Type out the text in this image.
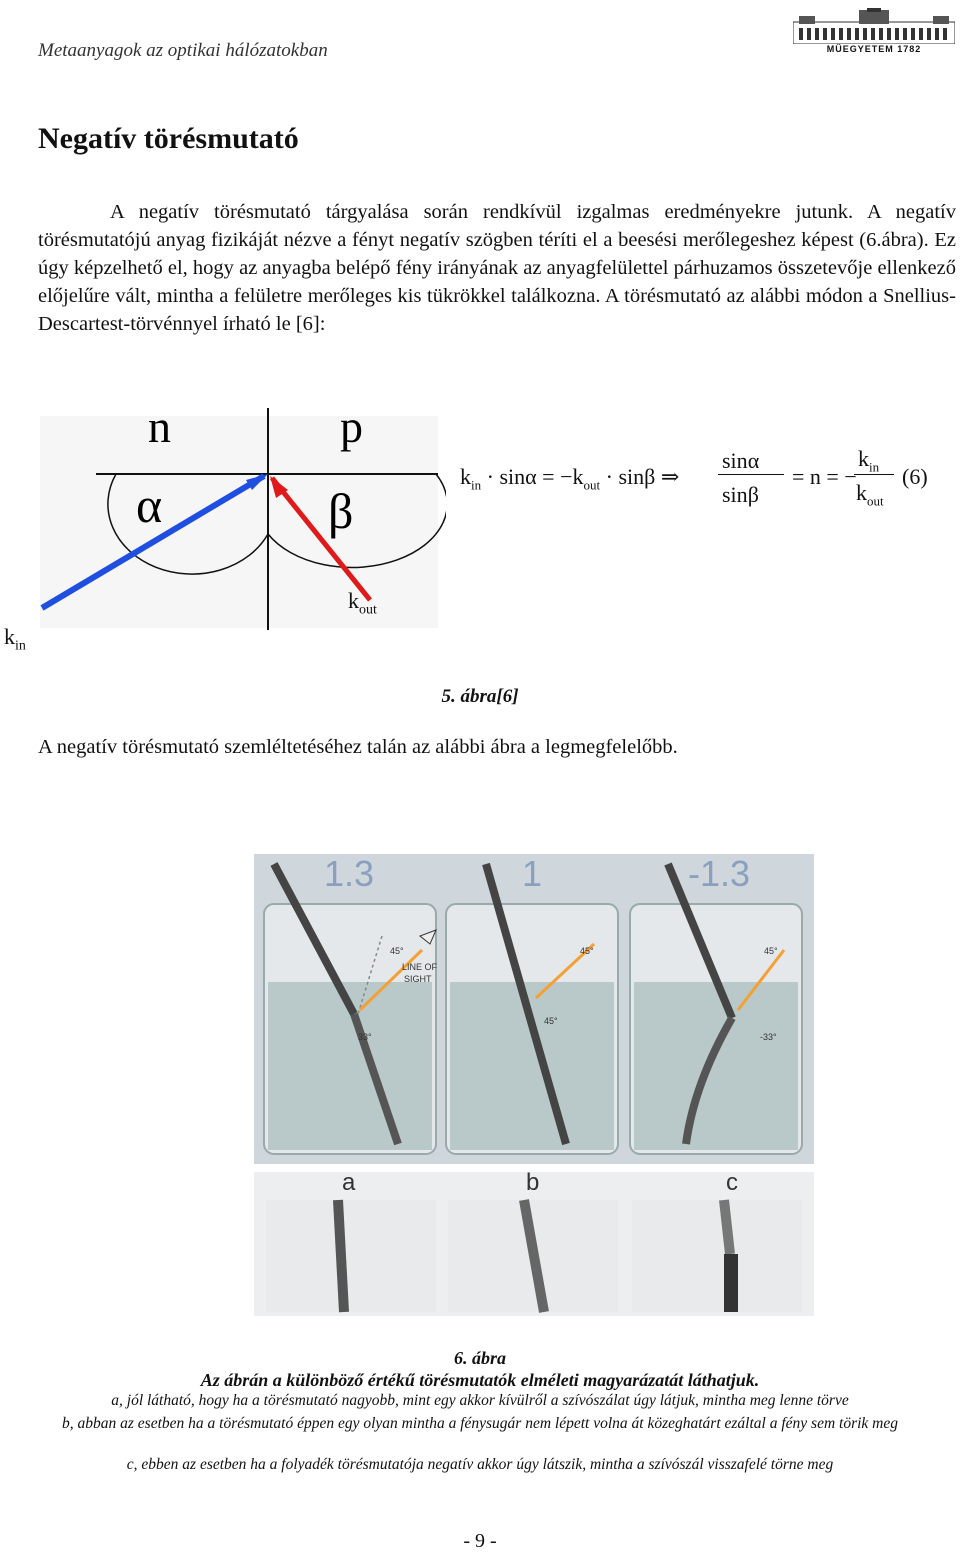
Metaanyagok az optikai hálózatokban	MŰEGYETEM 1782
Negatív törésmutató
A negatív törésmutató tárgyalása során rendkívül izgalmas eredményekre jutunk. A negatív törésmutatójú anyag fizikáját nézve a fényt negatív szögben téríti el a beesési merőlegeshez képest (6.ábra). Ez úgy képzelhető el, hogy az anyagba belépő fény irányának az anyagfelülettel párhuzamos összetevője ellenkező előjelűre vált, mintha a felületre merőleges kis tükrökkel találkozna. A törésmutató az alábbi módon a Snellius-Descartest-törvénnyel írható le [6]:
n	p
α	β
$k_{out}$
$k_{in}$
$k_{in} \cdot \sin\alpha = -k_{out} \cdot \sin\beta$ ⇒
sinα
sinβ
= n = −
$k_{in}$
$k_{out}$
(6)
5. ábra[6]
A negatív törésmutató szemléltetéséhez talán az alábbi ábra a legmegfelelőbb.
1.3	1	-1.3
45°
33°
LINE OF
SIGHT
45°
45°
45°
-33°
a	b	c
6. ábra
Az ábrán a különböző értékű törésmutatók elméleti magyarázatát láthatjuk.
a, jól látható, hogy ha a törésmutató nagyobb, mint egy akkor kívülről a szívószálat úgy látjuk, mintha meg lenne törve
b, abban az esetben ha a törésmutató éppen egy olyan mintha a fénysugár nem lépett volna át közeghatárt ezáltal a fény sem törik meg
c, ebben az esetben ha a folyadék törésmutatója negatív akkor úgy látszik, mintha a szívószál visszafelé törne meg
- 9 -
